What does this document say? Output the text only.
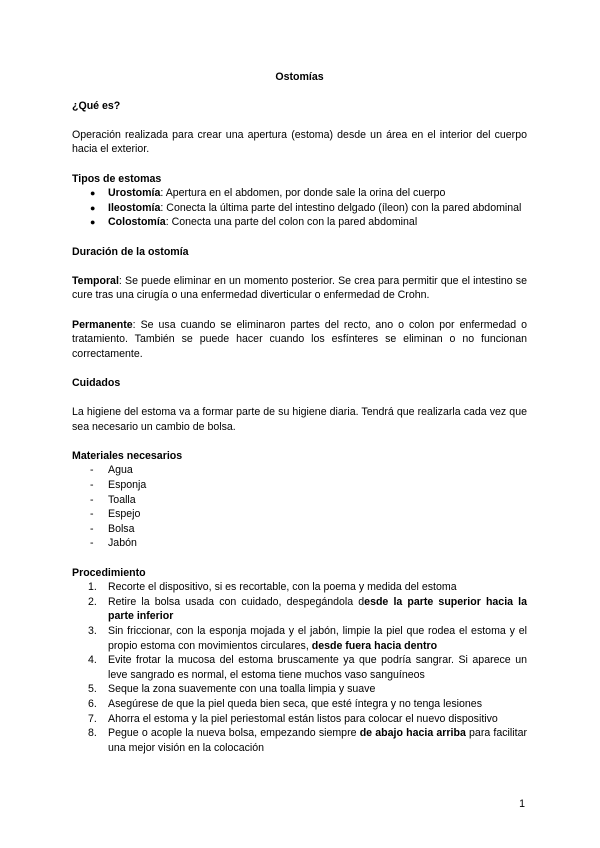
Ostomías
¿Qué es?

Operación realizada para crear una apertura (estoma) desde un área en el interior del cuerpo hacia el exterior.

Tipos de estomas
● Urostomía: Apertura en el abdomen, por donde sale la orina del cuerpo
● Ileostomía: Conecta la última parte del intestino delgado (íleon) con la pared abdominal
● Colostomía: Conecta una parte del colon con la pared abdominal
Duración de la ostomía

Temporal: Se puede eliminar en un momento posterior. Se crea para permitir que el intestino se cure tras una cirugía o una enfermedad diverticular o enfermedad de Crohn.

Permanente: Se usa cuando se eliminaron partes del recto, ano o colon por enfermedad o tratamiento. También se puede hacer cuando los esfínteres se eliminan o no funcionan correctamente.

Cuidados

La higiene del estoma va a formar parte de su higiene diaria. Tendrá que realizarla cada vez que sea necesario un cambio de bolsa.

Materiales necesarios
- Agua
- Esponja
- Toalla
- Espejo
- Bolsa
- Jabón
Procedimiento
1. Recorte el dispositivo, si es recortable, con la poema y medida del estoma
2. Retire la bolsa usada con cuidado, despegándola desde la parte superior hacia la parte inferior
3. Sin friccionar, con la esponja mojada y el jabón, limpie la piel que rodea el estoma y el propio estoma con movimientos circulares, desde fuera hacia dentro
4. Evite frotar la mucosa del estoma bruscamente ya que podría sangrar. Si aparece un leve sangrado es normal, el estoma tiene muchos vaso sanguíneos
5. Seque la zona suavemente con una toalla limpia y suave
6. Asegúrese de que la piel queda bien seca, que esté íntegra y no tenga lesiones
7. Ahorra el estoma y la piel periestomal están listos para colocar el nuevo dispositivo
8. Pegue o acople la nueva bolsa, empezando siempre de abajo hacia arriba para facilitar una mejor visión en la colocación
1
